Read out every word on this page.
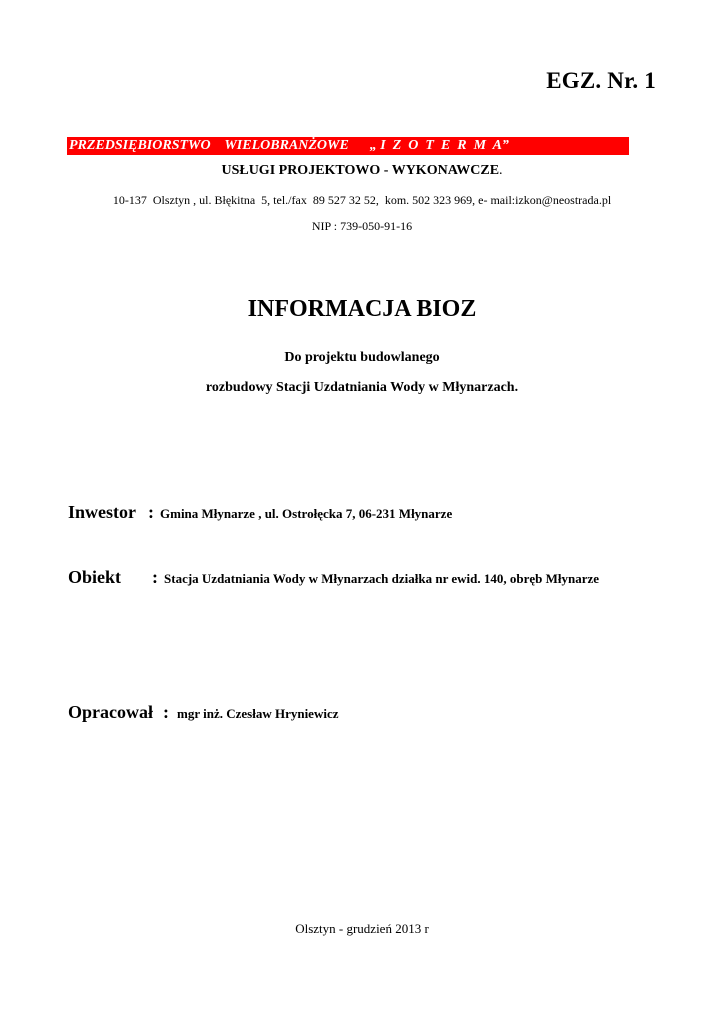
EGZ. Nr. 1
PRZEDSIĘBIORSTWO    WIELOBRANŻOWE      „ I  Z  O  T  E  R  M  A”
USŁUGI PROJEKTOWO - WYKONAWCZE.
10-137  Olsztyn , ul. Błękitna  5, tel./fax  89 527 32 52,  kom. 502 323 969, e- mail:izkon@neostrada.pl
NIP : 739-050-91-16
INFORMACJA BIOZ
Do projektu budowlanego
rozbudowy Stacji Uzdatniania Wody w Młynarzach.
Inwestor : Gmina Młynarze , ul. Ostrołęcka 7, 06-231 Młynarze
Obiekt : Stacja Uzdatniania Wody w Młynarzach działka nr ewid. 140, obręb Młynarze
Opracował : mgr inż. Czesław Hryniewicz
Olsztyn - grudzień 2013 r
